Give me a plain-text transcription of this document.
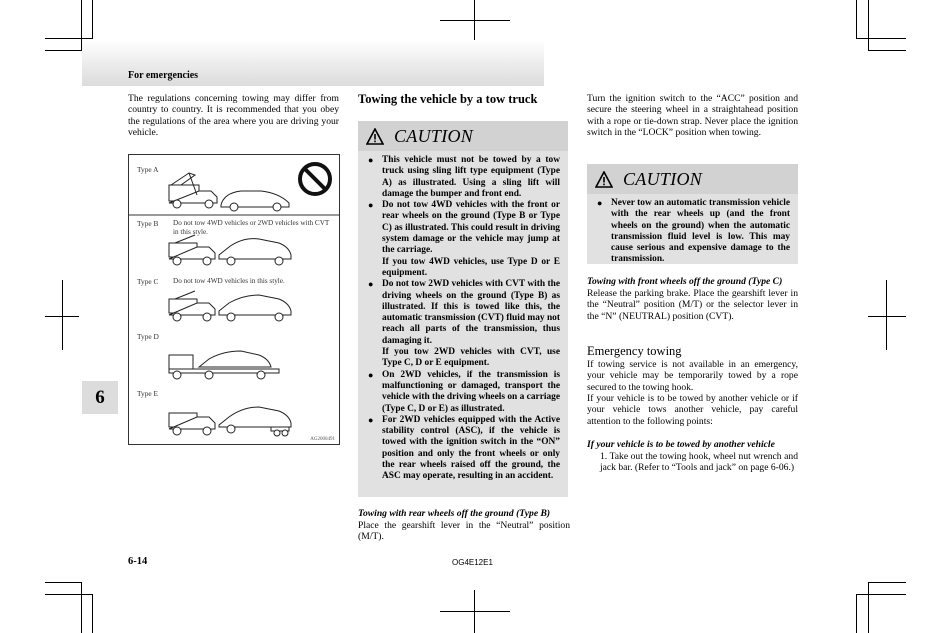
For emergencies
6
The regulations concerning towing may differ from country to country. It is recommended that you obey the regulations of the area where you are driving your vehicle.
Type A
Type B Do not tow 4WD vehicles or 2WD vehicles with CVT in this style.
Type C Do not tow 4WD vehicles in this style.
Type D
Type E
AG2000491
Towing the vehicle by a tow truck
CAUTION
● This vehicle must not be towed by a tow truck using sling lift type equipment (Type A) as illustrated. Using a sling lift will damage the bumper and front end.
● Do not tow 4WD vehicles with the front or rear wheels on the ground (Type B or Type C) as illustrated. This could result in driving system damage or the vehicle may jump at the carriage.
If you tow 4WD vehicles, use Type D or E equipment.
● Do not tow 2WD vehicles with CVT with the driving wheels on the ground (Type B) as illustrated. If this is towed like this, the automatic transmission (CVT) fluid may not reach all parts of the transmission, thus damaging it.
If you tow 2WD vehicles with CVT, use Type C, D or E equipment.
● On 2WD vehicles, if the transmission is malfunctioning or damaged, transport the vehicle with the driving wheels on a carriage (Type C, D or E) as illustrated.
● For 2WD vehicles equipped with the Active stability control (ASC), if the vehicle is towed with the ignition switch in the “ON” position and only the front wheels or only the rear wheels raised off the ground, the ASC may operate, resulting in an accident.
Towing with rear wheels off the ground (Type B)
Place the gearshift lever in the “Neutral” position (M/T).
Turn the ignition switch to the “ACC” position and secure the steering wheel in a straightahead position with a rope or tie-down strap. Never place the ignition switch in the “LOCK” position when towing.
CAUTION
● Never tow an automatic transmission vehicle with the rear wheels up (and the front wheels on the ground) when the automatic transmission fluid level is low. This may cause serious and expensive damage to the transmission.
Towing with front wheels off the ground (Type C)
Release the parking brake. Place the gearshift lever in the “Neutral” position (M/T) or the selector lever in the “N” (NEUTRAL) position (CVT).
Emergency towing
If towing service is not available in an emergency, your vehicle may be temporarily towed by a rope secured to the towing hook.
If your vehicle is to be towed by another vehicle or if your vehicle tows another vehicle, pay careful attention to the following points:
If your vehicle is to be towed by another vehicle
1. Take out the towing hook, wheel nut wrench and jack bar. (Refer to “Tools and jack” on page 6-06.)
6-14	OG4E12E1
